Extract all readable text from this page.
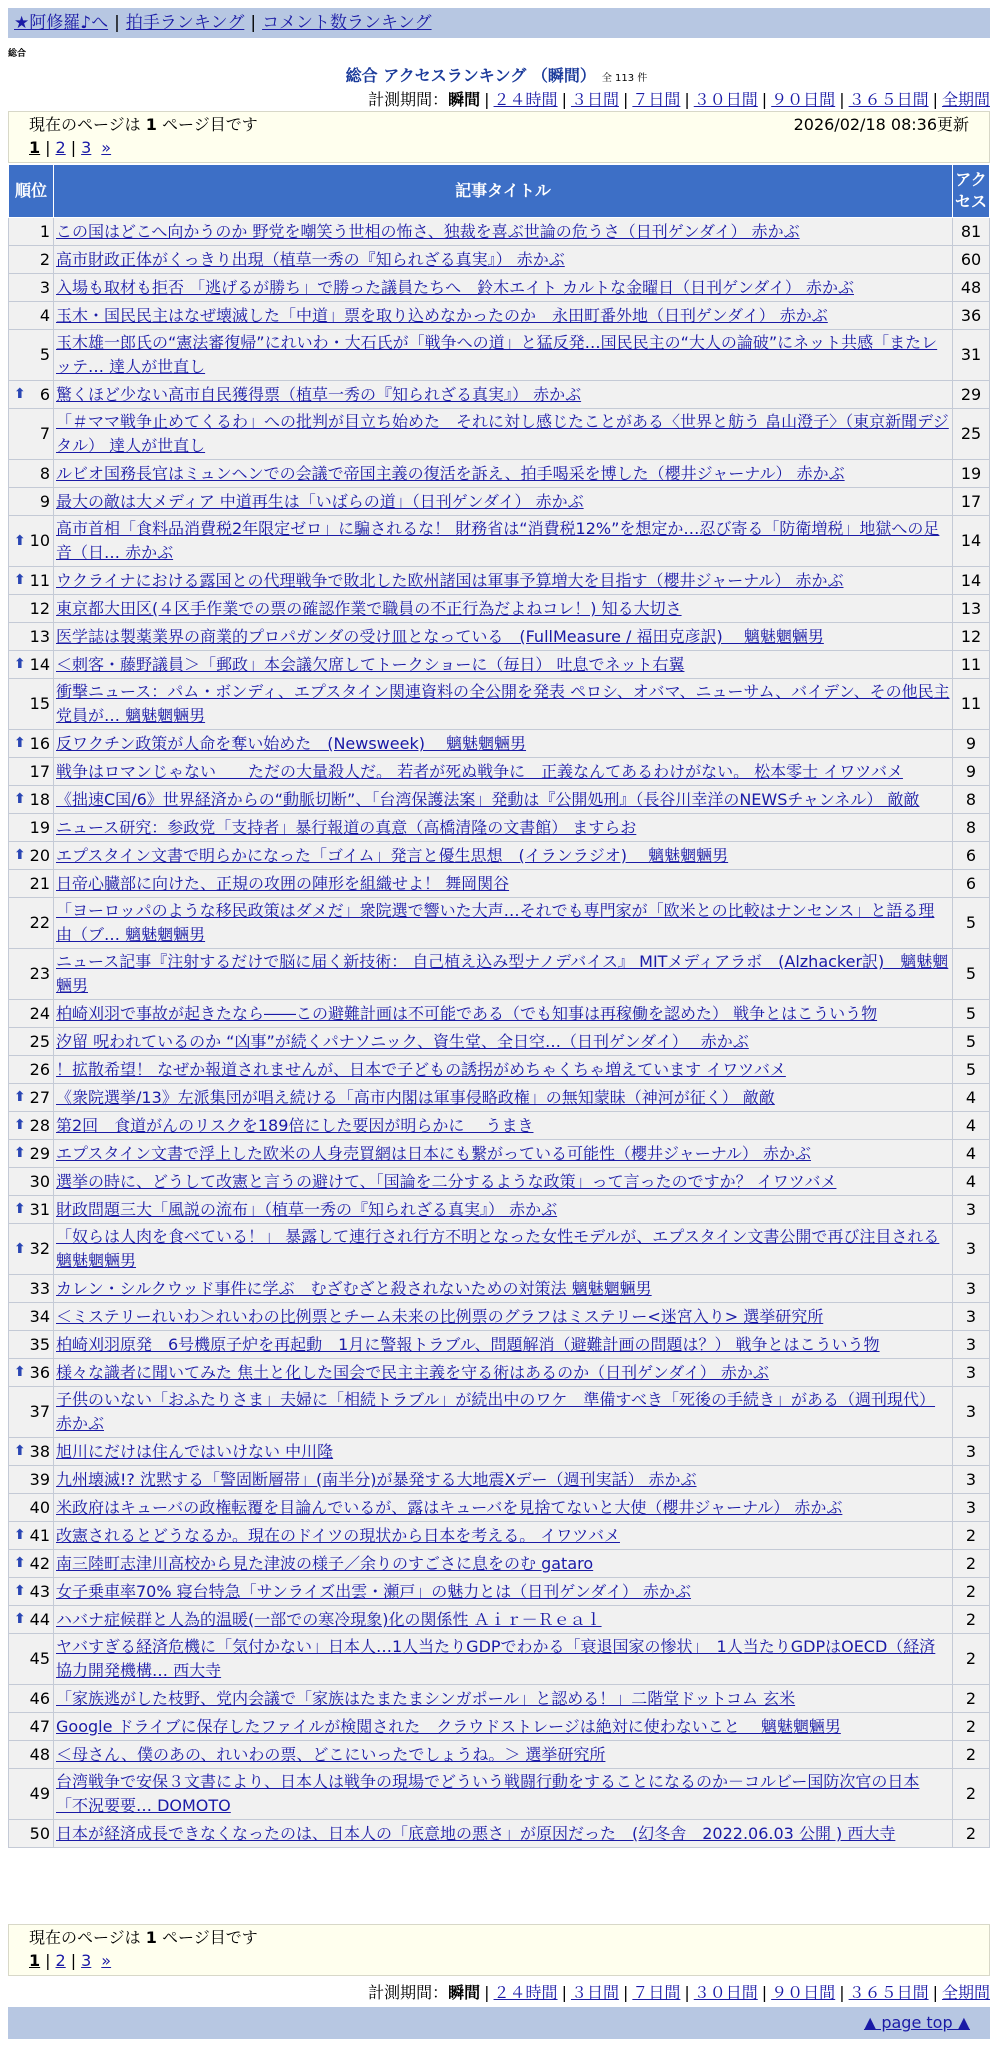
★阿修羅♪へ | 拍手ランキング | コメント数ランキング
総合
総合 アクセスランキング （瞬間） 全 113 件
計測期間：瞬間 | ２４時間 | ３日間 | ７日間 | ３０日間 | ９０日間 | ３６５日間 | 全期間
現在のページは 1 ページ目です	2026/02/18 08:36更新
1 | 2 | 3 »
順位	記事タイトル	アクセス
1	この国はどこへ向かうのか 野党を嘲笑う世相の怖さ、独裁を喜ぶ世論の危うさ（日刊ゲンダイ） 赤かぶ	81
2	高市財政正体がくっきり出現（植草一秀の『知られざる真実』） 赤かぶ	60
3	入場も取材も拒否 「逃げるが勝ち」で勝った議員たちへ　鈴木エイト カルトな金曜日（日刊ゲンダイ） 赤かぶ	48
4	玉木・国民民主はなぜ壊滅した「中道」票を取り込めなかったのか　永田町番外地（日刊ゲンダイ） 赤かぶ	36
5	玉木雄一郎氏の“憲法審復帰”にれいわ・大石氏が「戦争への道」と猛反発…国民民主の“大人の論破”にネット共感「またレッテ… 達人が世直し	31

⬆ 6	驚くほど少ない高市自民獲得票（植草一秀の『知られざる真実』） 赤かぶ	29
7	「＃ママ戦争止めてくるわ」への批判が目立ち始めた　それに対し感じたことがある〈世界と舫う 畠山澄子〉（東京新聞デジタル） 達人が世直し	25
8	ルビオ国務長官はミュンヘンでの会議で帝国主義の復活を訴え、拍手喝采を博した（櫻井ジャーナル） 赤かぶ	19
9	最大の敵は大メディア 中道再生は「いばらの道」（日刊ゲンダイ） 赤かぶ	17

⬆ 10	高市首相「食料品消費税2年限定ゼロ」に騙されるな！ 財務省は“消費税12%”を想定か…忍び寄る「防衛増税」地獄への足音（日… 赤かぶ	14

⬆ 11	ウクライナにおける露国との代理戦争で敗北した欧州諸国は軍事予算増大を目指す（櫻井ジャーナル） 赤かぶ	14
12	東京都大田区(４区手作業での票の確認作業で職員の不正行為だよねコレ！) 知る大切さ	13
13	医学誌は製薬業界の商業的プロパガンダの受け皿となっている　(FullMeasure / 福田克彦訳)　 魑魅魍魎男	12

⬆ 14	＜刺客・藤野議員＞「郵政」本会議欠席してトークショーに（毎日） 吐息でネット右翼	11
15	衝撃ニュース：パム・ボンディ、エプスタイン関連資料の全公開を発表 ペロシ、オバマ、ニューサム、バイデン、その他民主党員が… 魑魅魍魎男	11

⬆ 16	反ワクチン政策が人命を奪い始めた　(Newsweek)　 魑魅魍魎男	9
17	戦争はロマンじゃない　　ただの大量殺人だ。 若者が死ぬ戦争に　正義なんてあるわけがない。 松本零士 イワツバメ	9

⬆ 18	《拙速C国/6》世界経済からの“動脈切断”、「台湾保護法案」発動は『公開処刑』（長谷川幸洋のNEWSチャンネル） 敵敵	8
19	ニュース研究：参政党「支持者」暴行報道の真意（高橋清隆の文書館） ますらお	8

⬆ 20	エプスタイン文書で明らかになった「ゴイム」発言と優生思想　(イランラジオ)　 魑魅魍魎男	6
21	日帝心臓部に向けた、正規の攻囲の陣形を組織せよ！ 舞岡関谷	6
22	「ヨーロッパのような移民政策はダメだ」衆院選で響いた大声…それでも専門家が「欧米との比較はナンセンス」と語る理由（ブ… 魑魅魍魎男	5
23	ニュース記事『注射するだけで脳に届く新技術： 自己植え込み型ナノデバイス』 MITメディアラボ　(Alzhacker訳)　魑魅魍魎男	5
24	柏崎刈羽で事故が起きたなら――この避難計画は不可能である（でも知事は再稼働を認めた） 戦争とはこういう物	5
25	汐留 呪われているのか “凶事”が続くパナソニック、資生堂、全日空…（日刊ゲンダイ）　 赤かぶ	5
26	！拡散希望！ なぜか報道されませんが、日本で子どもの誘拐がめちゃくちゃ増えています イワツバメ	5

⬆ 27	《衆院選挙/13》左派集団が唱え続ける「高市内閣は軍事侵略政権」の無知蒙昧（神河が征く） 敵敵	4

⬆ 28	第2回　食道がんのリスクを189倍にした要因が明らかに　 うまき	4

⬆ 29	エプスタイン文書で浮上した欧米の人身売買網は日本にも繋がっている可能性（櫻井ジャーナル） 赤かぶ	4
30	選挙の時に、どうして改憲と言うの避けて、「国論を二分するような政策」って言ったのですか？ イワツバメ	4

⬆ 31	財政問題三大「風説の流布」（植草一秀の『知られざる真実』） 赤かぶ	3

⬆ 32	「奴らは人肉を食べている！」 暴露して連行され行方不明となった女性モデルが、エプスタイン文書公開で再び注目される 魑魅魍魎男	3
33	カレン・シルクウッド事件に学ぶ　むざむざと殺されないための対策法 魑魅魍魎男	3
34	＜ミステリーれいわ＞れいわの比例票とチーム未来の比例票のグラフはミステリー<迷宮入り> 選挙研究所	3
35	柏崎刈羽原発　6号機原子炉を再起動　1月に警報トラブル、問題解消（避難計画の問題は？） 戦争とはこういう物	3

⬆ 36	様々な識者に聞いてみた 焦土と化した国会で民主主義を守る術はあるのか（日刊ゲンダイ） 赤かぶ	3
37	子供のいない「おふたりさま」夫婦に「相続トラブル」が続出中のワケ　準備すべき「死後の手続き」がある（週刊現代） 赤かぶ	3

⬆ 38	旭川にだけは住んではいけない 中川隆	3
39	九州壊滅!? 沈黙する「警固断層帯」(南半分)が暴発する大地震Xデー（週刊実話） 赤かぶ	3
40	米政府はキューバの政権転覆を目論んでいるが、露はキューバを見捨てないと大使（櫻井ジャーナル） 赤かぶ	3

⬆ 41	改憲されるとどうなるか。現在のドイツの現状から日本を考える。 イワツバメ	2

⬆ 42	南三陸町志津川高校から見た津波の様子／余りのすごさに息をのむ gataro	2

⬆ 43	女子乗車率70% 寝台特急「サンライズ出雲・瀬戸」の魅力とは（日刊ゲンダイ） 赤かぶ	2

⬆ 44	ハバナ症候群と人為的温暖(一部での寒冷現象)化の関係性 Ａｉｒ－Ｒｅａｌ	2
45	ヤバすぎる経済危機に「気付かない」日本人…1人当たりGDPでわかる「衰退国家の惨状」　1人当たりGDPはOECD（経済協力開発機構… 西大寺	2
46	「家族逃がした枝野、党内会議で「家族はたまたまシンガポール」と認める！」二階堂ドットコム 玄米	2
47	Google ドライブに保存したファイルが検閲された　クラウドストレージは絶対に使わないこと　 魑魅魍魎男	2
48	＜母さん、僕のあの、れいわの票、どこにいったでしょうね。＞ 選挙研究所	2
49	台湾戦争で安保３文書により、日本人は戦争の現場でどういう戦闘行動をすることになるのか－コルビー国防次官の日本「不況要要… DOMOTO	2
50	日本が経済成長できなくなったのは、日本人の「底意地の悪さ」が原因だった　(幻冬舎　2022.06.03 公開 ) 西大寺	2
現在のページは 1 ページ目です
1 | 2 | 3 »
計測期間：瞬間 | ２４時間 | ３日間 | ７日間 | ３０日間 | ９０日間 | ３６５日間 | 全期間
▲ page top ▲
